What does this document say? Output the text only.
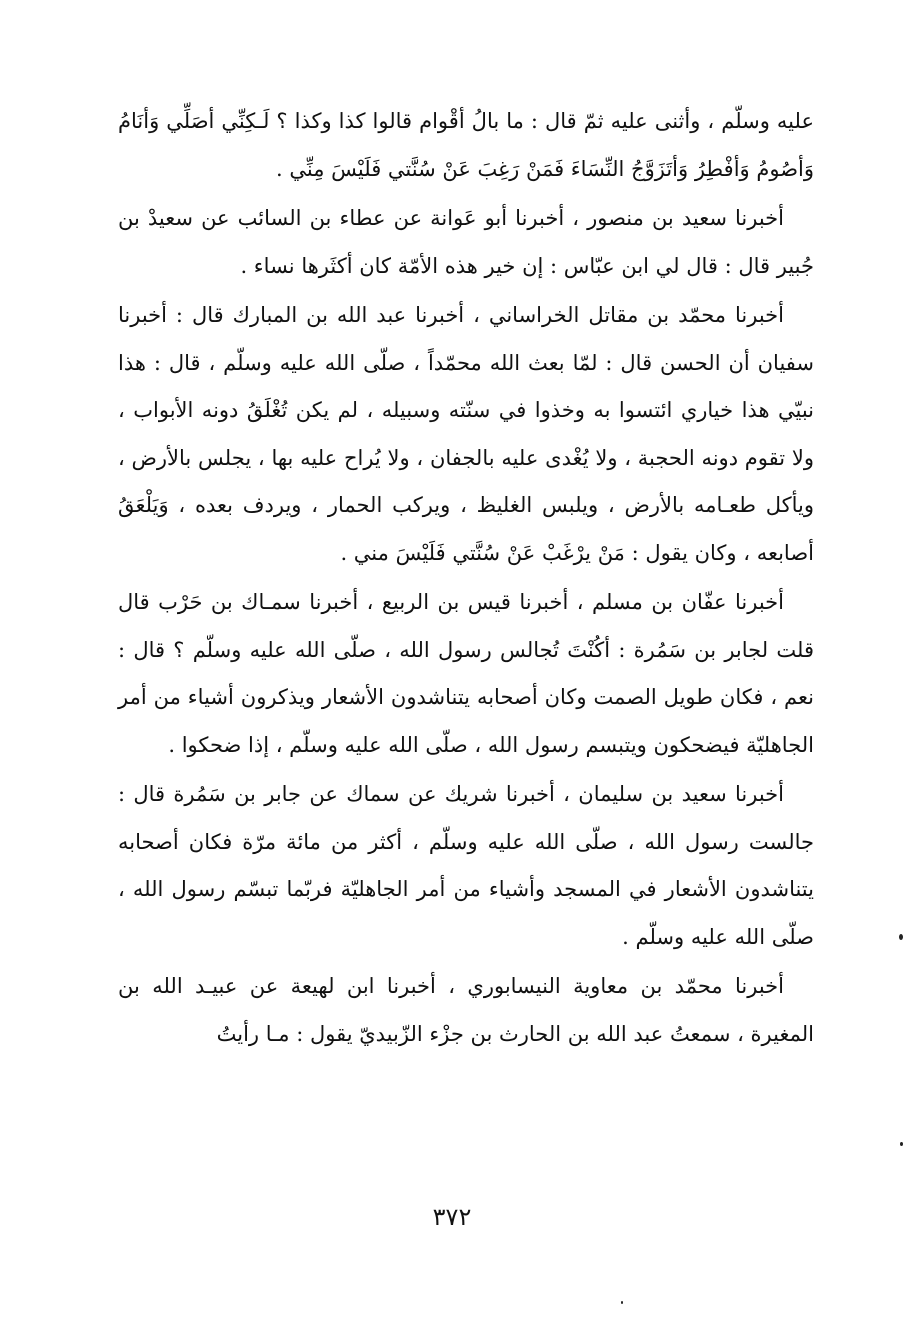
عليه وسلّم ، وأثنى عليه ثمّ قال : ما بالُ أقْوام قالوا كذا وكذا ؟ لَـكِنِّي أصَلِّي وَأنَامُ وَأصُومُ وَأفْطِرُ وَأتَزَوَّجُ النِّسَاءَ فَمَنْ رَغِبَ عَنْ سُنَّتي فَلَيْسَ مِنِّي .

أخبرنا سعيد بن منصور ، أخبرنا أبو عَوانة عن عطاء بن السائب عن سعيدْ بن جُبير قال : قال لي ابن عبّاس : إن خير هذه الأمّة كان أكثَرها نساء .

أخبرنا محمّد بن مقاتل الخراساني ، أخبرنا عبد الله بن المبارك قال : أخبرنا سفيان أن الحسن قال : لمّا بعث الله محمّداً ، صلّى الله عليه وسلّم ، قال : هذا نبيّي هذا خياري ائتسوا به وخذوا في سنّته وسبيله ، لم يكن تُغْلَقُ دونه الأبواب ، ولا تقوم دونه الحجبة ، ولا يُغْدى عليه بالجفان ، ولا يُراح عليه بها ، يجلس بالأرض ، ويأكل طعـامه بالأرض ، ويلبس الغليظ ، ويركب الحمار ، ويردف بعده ، وَيَلْعَقُ أصابعه ، وكان يقول : مَنْ يرْغَبْ عَنْ سُنَّتي فَلَيْسَ مني .

أخبرنا عفّان بن مسلم ، أخبرنا قيس بن الربيع ، أخبرنا سمـاك بن حَرْب قال قلت لجابر بن سَمُرة : أكُنْتَ تُجالس رسول الله ، صلّى الله عليه وسلّم ؟ قال : نعم ، فكان طويل الصمت وكان أصحابه يتناشدون الأشعار ويذكرون أشياء من أمر الجاهليّة فيضحكون ويتبسم رسول الله ، صلّى الله عليه وسلّم ، إذا ضحكوا .

أخبرنا سعيد بن سليمان ، أخبرنا شريك عن سماك عن جابر بن سَمُرة قال : جالست رسول الله ، صلّى الله عليه وسلّم ، أكثر من مائة مرّة فكان أصحابه يتناشدون الأشعار في المسجد وأشياء من أمر الجاهليّة فربّما تبسّم رسول الله ، صلّى الله عليه وسلّم .

أخبرنا محمّد بن معاوية النيسابوري ، أخبرنا ابن لهيعة عن عبيـد الله بن المغيرة ، سمعتُ عبد الله بن الحارث بن جزْء الزّبيديّ يقول : مـا رأيتُ

٣٧٢
